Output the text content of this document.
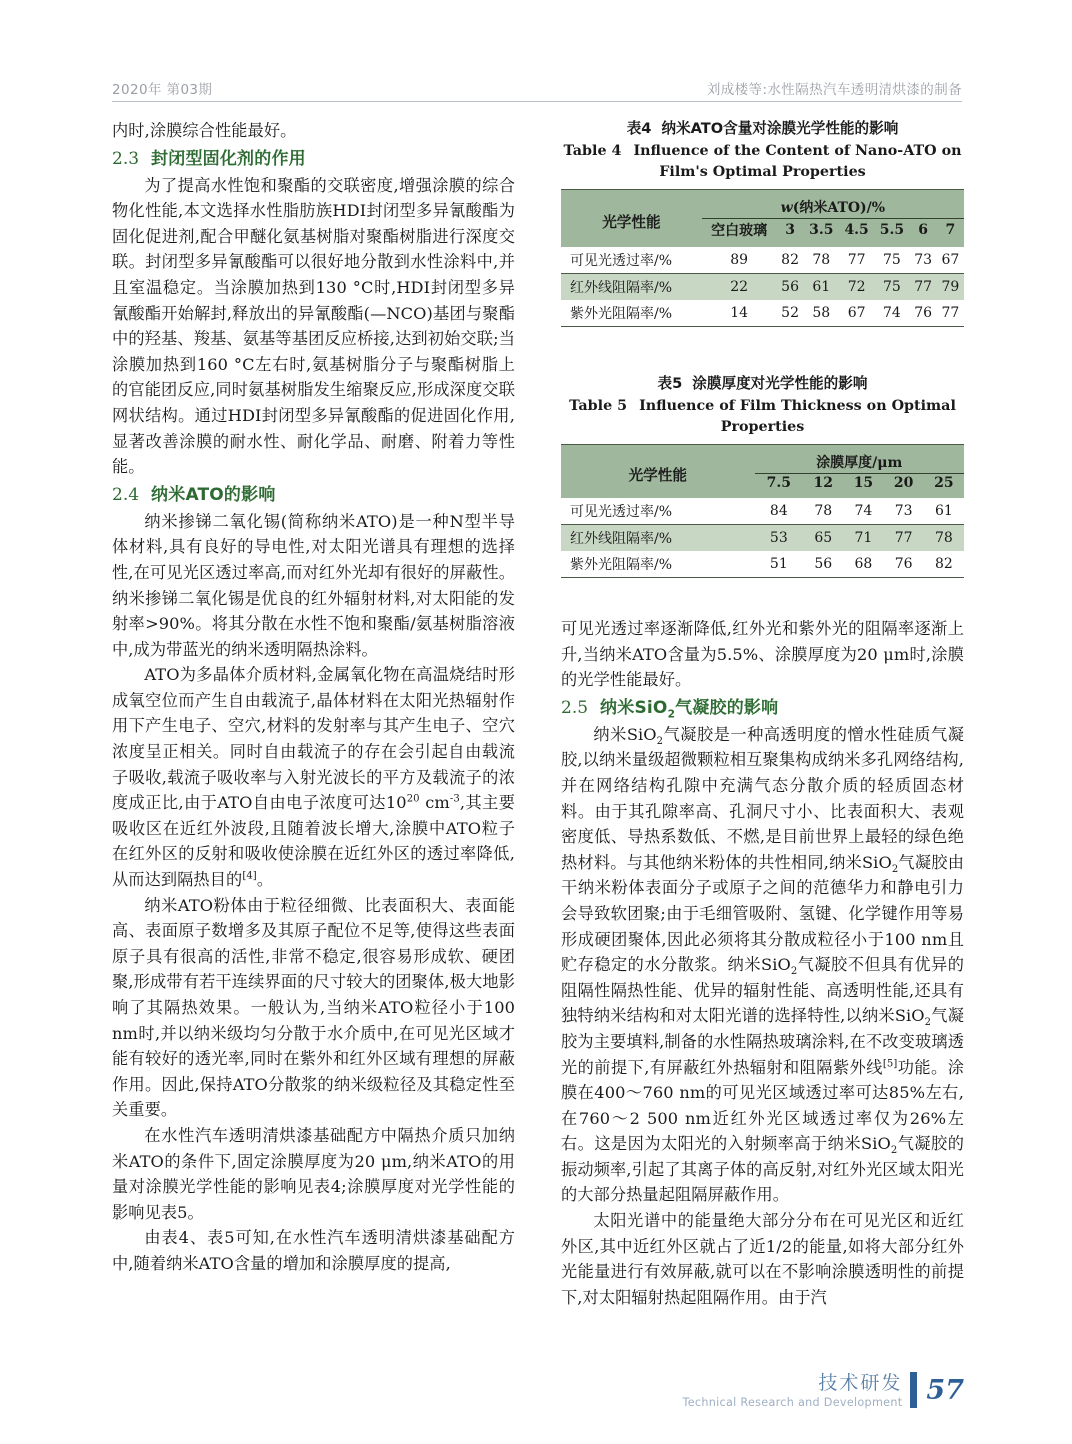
2020年 第03期	刘成楼等:水性隔热汽车透明清烘漆的制备

内时,涂膜综合性能最好。

2.3 封闭型固化剂的作用

为了提高水性饱和聚酯的交联密度,增强涂膜的综合物化性能,本文选择水性脂肪族HDI封闭型多异氰酸酯为固化促进剂,配合甲醚化氨基树脂对聚酯树脂进行深度交联。封闭型多异氰酸酯可以很好地分散到水性涂料中,并且室温稳定。当涂膜加热到130 °C时,HDI封闭型多异氰酸酯开始解封,释放出的异氰酸酯(—NCO)基团与聚酯中的羟基、羧基、氨基等基团反应桥接,达到初始交联;当涂膜加热到160 °C左右时,氨基树脂分子与聚酯树脂上的官能团反应,同时氨基树脂发生缩聚反应,形成深度交联网状结构。通过HDI封闭型多异氰酸酯的促进固化作用,显著改善涂膜的耐水性、耐化学品、耐磨、附着力等性能。

2.4 纳米ATO的影响

纳米掺锑二氧化锡(简称纳米ATO)是一种N型半导体材料,具有良好的导电性,对太阳光谱具有理想的选择性,在可见光区透过率高,而对红外光却有很好的屏蔽性。纳米掺锑二氧化锡是优良的红外辐射材料,对太阳能的发射率>90%。将其分散在水性不饱和聚酯/氨基树脂溶液中,成为带蓝光的纳米透明隔热涂料。

ATO为多晶体介质材料,金属氧化物在高温烧结时形成氧空位而产生自由载流子,晶体材料在太阳光热辐射作用下产生电子、空穴,材料的发射率与其产生电子、空穴浓度呈正相关。同时自由载流子的存在会引起自由载流子吸收,载流子吸收率与入射光波长的平方及载流子的浓度成正比,由于ATO自由电子浓度可达$10^{20}$ $cm^{-3}$,其主要吸收区在近红外波段,且随着波长增大,涂膜中ATO粒子在红外区的反射和吸收使涂膜在近红外区的透过率降低,从而达到隔热目的[4]。

纳米ATO粉体由于粒径细微、比表面积大、表面能高、表面原子数增多及其原子配位不足等,使得这些表面原子具有很高的活性,非常不稳定,很容易形成软、硬团聚,形成带有若干连续界面的尺寸较大的团聚体,极大地影响了其隔热效果。一般认为,当纳米ATO粒径小于100 nm时,并以纳米级均匀分散于水介质中,在可见光区域才能有较好的透光率,同时在紫外和红外区域有理想的屏蔽作用。因此,保持ATO分散浆的纳米级粒径及其稳定性至关重要。

在水性汽车透明清烘漆基础配方中隔热介质只加纳米ATO的条件下,固定涂膜厚度为20 μm,纳米ATO的用量对涂膜光学性能的影响见表4;涂膜厚度对光学性能的影响见表5。

由表4、表5可知,在水性汽车透明清烘漆基础配方中,随着纳米ATO含量的增加和涂膜厚度的提高,

表4 纳米ATO含量对涂膜光学性能的影响
Table 4 Influence of the Content of Nano-ATO on Film's Optimal Properties
光学性能	w(纳米ATO)/%						
	空白玻璃	3	3.5	4.5	5.5	6	7
可见光透过率/%	89	82	78	77	75	73	67
红外线阻隔率/%	22	56	61	72	75	77	79
紫外光阻隔率/%	14	52	58	67	74	76	77
表5 涂膜厚度对光学性能的影响
Table 5 Influence of Film Thickness on Optimal Properties
光学性能	涂膜厚度/μm				
	7.5	12	15	20	25
可见光透过率/%	84	78	74	73	61
红外线阻隔率/%	53	65	71	77	78
紫外光阻隔率/%	51	56	68	76	82

可见光透过率逐渐降低,红外光和紫外光的阻隔率逐渐上升,当纳米ATO含量为5.5%、涂膜厚度为20 μm时,涂膜的光学性能最好。

2.5 纳米SiO$_2$气凝胶的影响

纳米SiO$_2$气凝胶是一种高透明度的憎水性硅质气凝胶,以纳米量级超微颗粒相互聚集构成纳米多孔网络结构,并在网络结构孔隙中充满气态分散介质的轻质固态材料。由于其孔隙率高、孔洞尺寸小、比表面积大、表观密度低、导热系数低、不燃,是目前世界上最轻的绿色绝热材料。与其他纳米粉体的共性相同,纳米SiO$_2$气凝胶由干纳米粉体表面分子或原子之间的范德华力和静电引力会导致软团聚;由于毛细管吸附、氢键、化学键作用等易形成硬团聚体,因此必须将其分散成粒径小于100 nm且贮存稳定的水分散浆。纳米SiO$_2$气凝胶不但具有优异的阻隔性隔热性能、优异的辐射性能、高透明性能,还具有独特纳米结构和对太阳光谱的选择特性,以纳米SiO$_2$气凝胶为主要填料,制备的水性隔热玻璃涂料,在不改变玻璃透光的前提下,有屏蔽红外热辐射和阻隔紫外线[5]功能。涂膜在400～760 nm的可见光区域透过率可达85%左右,在760～2 500 nm近红外光区域透过率仅为26%左右。这是因为太阳光的入射频率高于纳米SiO$_2$气凝胶的振动频率,引起了其离子体的高反射,对红外光区域太阳光的大部分热量起阻隔屏蔽作用。

太阳光谱中的能量绝大部分分布在可见光区和近红外区,其中近红外区就占了近1/2的能量,如将大部分红外光能量进行有效屏蔽,就可以在不影响涂膜透明性的前提下,对太阳辐射热起阻隔作用。由于汽

技术研发
Technical Research and Development 57
